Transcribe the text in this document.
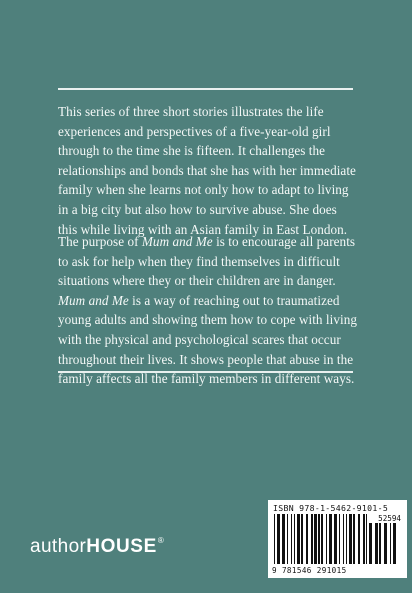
This series of three short stories illustrates the life experiences and perspectives of a five-year-old girl through to the time she is fifteen. It challenges the relationships and bonds that she has with her immediate family when she learns not only how to adapt to living in a big city but also how to survive abuse. She does this while living with an Asian family in East London.
The purpose of Mum and Me is to encourage all parents to ask for help when they find themselves in difficult situations where they or their children are in danger. Mum and Me is a way of reaching out to traumatized young adults and showing them how to cope with living with the physical and psychological scares that occur throughout their lives. It shows people that abuse in the family affects all the family members in different ways.
authorHOUSE®
ISBN 978-1-5462-9101-5
52594
9 781546 291015
